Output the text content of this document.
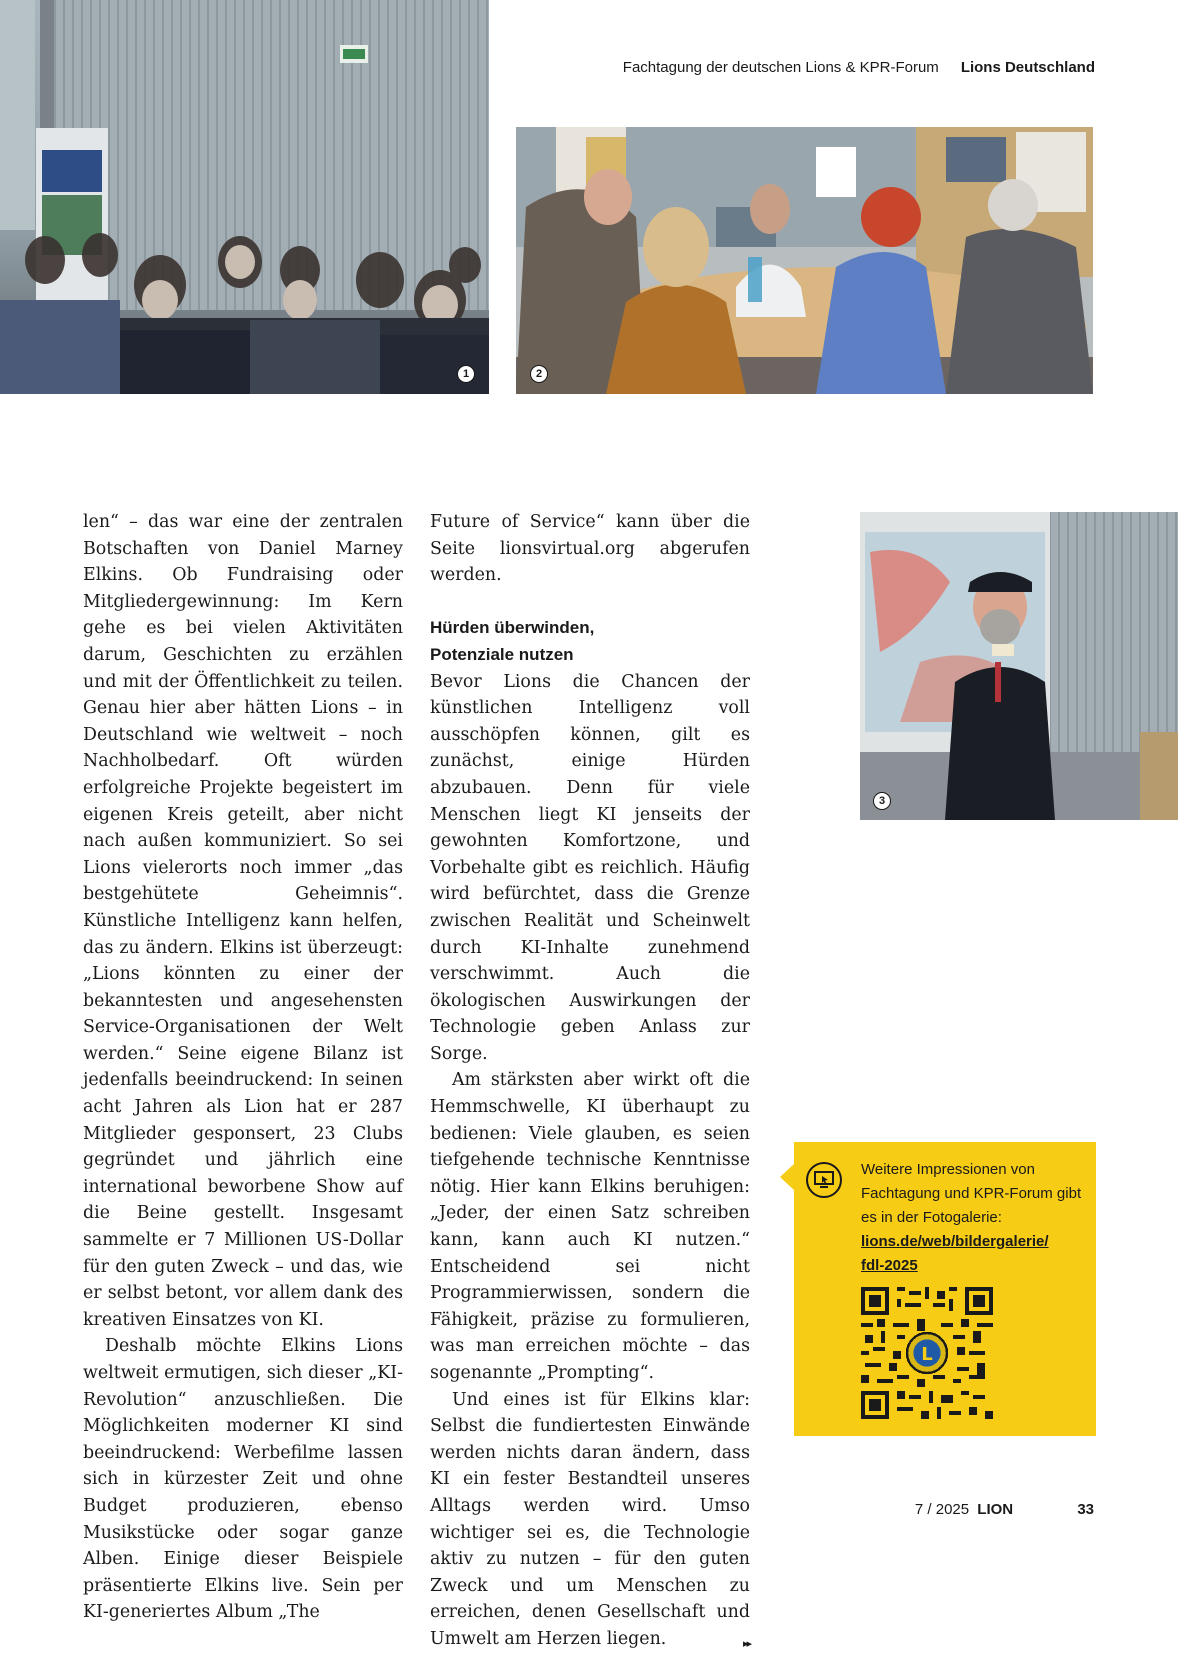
Fachtagung der deutschen Lions & KPR-Forum Lions Deutschland
1	2
3

len“ – das war eine der zentralen Botschaften von Daniel Marney Elkins. Ob Fundraising oder Mitgliedergewinnung: Im Kern gehe es bei vielen Aktivitäten darum, Geschichten zu erzählen und mit der Öffentlichkeit zu teilen. Genau hier aber hätten Lions – in Deutschland wie weltweit – noch Nachholbedarf. Oft würden erfolgreiche Projekte begeistert im eigenen Kreis geteilt, aber nicht nach außen kommuniziert. So sei Lions vielerorts noch immer „das bestgehütete Geheimnis“. Künstliche Intelligenz kann helfen, das zu ändern. Elkins ist überzeugt: „Lions könnten zu einer der bekanntesten und angesehensten Service-Organisationen der Welt werden.“ Seine eigene Bilanz ist jedenfalls beeindruckend: In seinen acht Jahren als Lion hat er 287 Mitglieder gesponsert, 23 Clubs gegründet und jährlich eine international beworbene Show auf die Beine gestellt. Insgesamt sammelte er 7 Millionen US-Dollar für den guten Zweck – und das, wie er selbst betont, vor allem dank des kreativen Einsatzes von KI.

Deshalb möchte Elkins Lions weltweit ermutigen, sich dieser „KI-Revolution“ anzuschließen. Die Möglichkeiten moderner KI sind beeindruckend: Werbefilme lassen sich in kürzester Zeit und ohne Budget produzieren, ebenso Musikstücke oder sogar ganze Alben. Einige dieser Beispiele präsentierte Elkins live. Sein per KI-generiertes Album „The

Future of Service“ kann über die Seite lionsvirtual.org abgerufen werden.

Hürden überwinden,
Potenziale nutzen

Bevor Lions die Chancen der künstlichen Intelligenz voll ausschöpfen können, gilt es zunächst, einige Hürden abzubauen. Denn für viele Menschen liegt KI jenseits der gewohnten Komfortzone, und Vorbehalte gibt es reichlich. Häufig wird befürchtet, dass die Grenze zwischen Realität und Scheinwelt durch KI-Inhalte zunehmend verschwimmt. Auch die ökologischen Auswirkungen der Technologie geben Anlass zur Sorge.

Am stärksten aber wirkt oft die Hemmschwelle, KI überhaupt zu bedienen: Viele glauben, es seien tiefgehende technische Kenntnisse nötig. Hier kann Elkins beruhigen: „Jeder, der einen Satz schreiben kann, kann auch KI nutzen.“ Entscheidend sei nicht Programmierwissen, sondern die Fähigkeit, präzise zu formulieren, was man erreichen möchte – das sogenannte „Prompting“.

Und eines ist für Elkins klar: Selbst die fundiertesten Einwände werden nichts daran ändern, dass KI ein fester Bestandteil unseres Alltags werden wird. Umso wichtiger sei es, die Technologie aktiv zu nutzen – für den guten Zweck und um Menschen zu erreichen, denen Gesellschaft und Umwelt am Herzen liegen.	▸▸
Weitere Impressionen von Fachtagung und KPR-Forum gibt es in der Fotogalerie:
lions.de/web/bildergalerie/
fdl-2025
L
7 / 2025 LION	33
